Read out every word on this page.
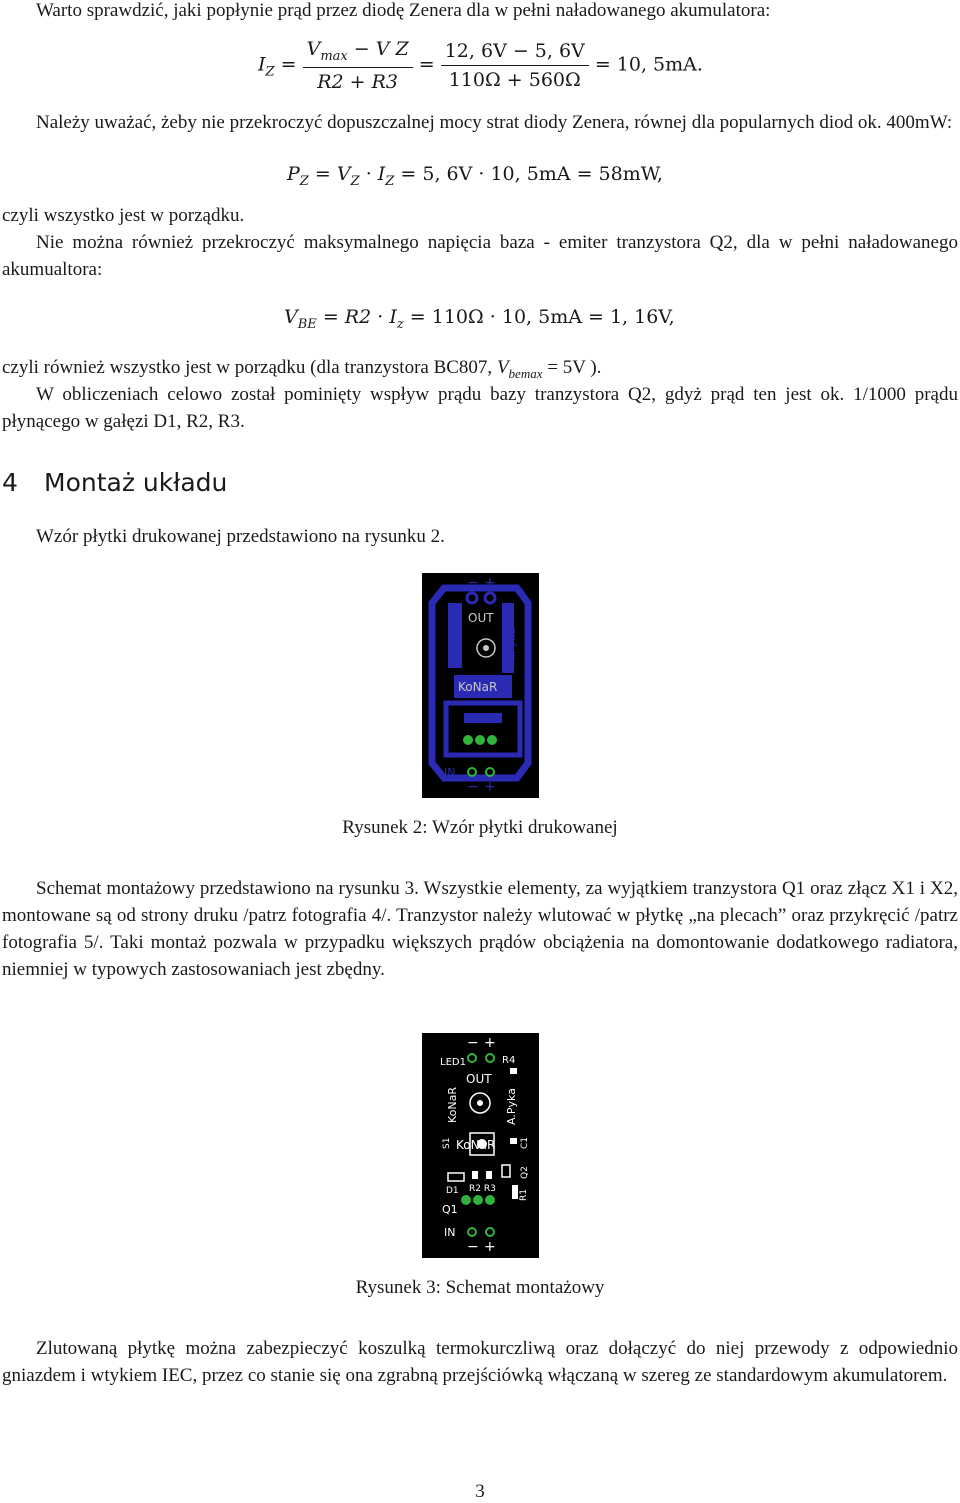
Warto sprawdzić, jaki popłynie prąd przez diodę Zenera dla w pełni naładowanego akumulatora:

$I_Z = \frac{V_{max} - V Z}{R2 + R3} = \frac{12, 6V - 5, 6V}{110\Omega + 560\Omega} = 10$, 5mA.

Należy uważać, żeby nie przekroczyć dopuszczalnej mocy strat diody Zenera, równej dla popularnych diod ok. 400mW:

$P_Z = V_Z \cdot I_Z = 5$, 6V · 10, 5mA = 58mW,

czyli wszystko jest w porządku.

Nie można również przekroczyć maksymalnego napięcia baza - emiter tranzystora Q2, dla w pełni naładowanego akumualtora:

$V_{BE} = R2 \cdot I_z = 110\Omega \cdot 10$, 5mA = 1, 16V,

czyli również wszystko jest w porządku (dla tranzystora BC807, $V_{bemax} = 5V$ ).

W obliczeniach celowo został pominięty wspływ prądu bazy tranzystora Q2, gdyż prąd ten jest ok. 1/1000 prądu płynącego w gałęzi D1, R2, R3.

4 Montaż układu

Wzór płytki drukowanej przedstawiono na rysunku 2.

− +
OUT
KoNaR	A.Pyka
KoNaR
IN
− +
Rysunek 2: Wzór płytki drukowanej

Schemat montażowy przedstawiono na rysunku 3. Wszystkie elementy, za wyjątkiem tranzystora Q1 oraz złącz X1 i X2, montowane są od strony druku /patrz fotografia 4/. Tranzystor należy wlutować w płytkę „na plecach” oraz przykręcić /patrz fotografia 5/. Taki montaż pozwala w przypadku większych prądów obciążenia na domontowanie dodatkowego radiatora, niemniej w typowych zastosowaniach jest zbędny.

LED1
− +
R4
OUT
KoNaR	A.Pyka
S1 KoNaR	C1
Q2
D1 R2 R3
R1
Q1
IN
− +
Rysunek 3: Schemat montażowy

Zlutowaną płytkę można zabezpieczyć koszulką termokurczliwą oraz dołączyć do niej przewody z odpowiednio gniazdem i wtykiem IEC, przez co stanie się ona zgrabną przejściówką włączaną w szereg ze standardowym akumulatorem.

3
